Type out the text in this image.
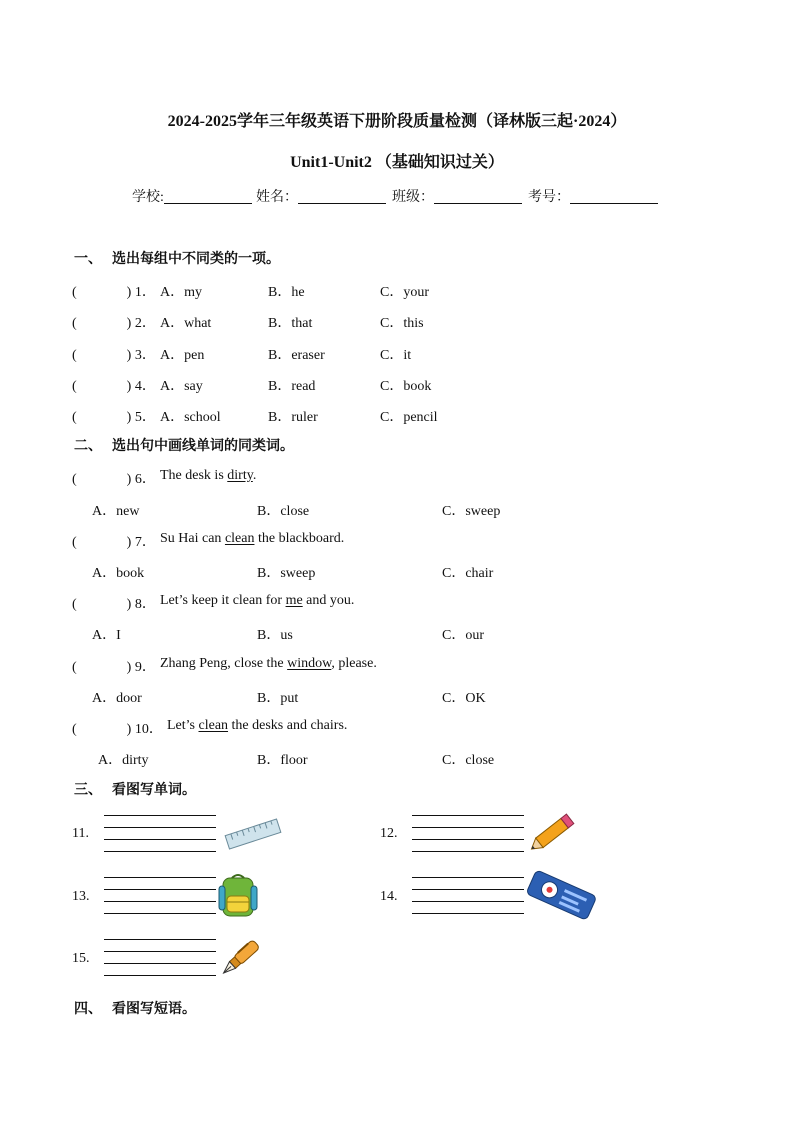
2024-2025学年三年级英语下册阶段质量检测（译林版三起·2024）
Unit1-Unit2 （基础知识过关）
学校:	姓名：	班级：	考号：
一、 选出每组中不同类的一项。
(	) 1． A．my	B．he	C．your
(	) 2． A．what	B．that	C．this
(	) 3． A．pen	B．eraser	C．it
(	) 4． A．say	B．read	C．book
(	) 5． A．school	B．ruler	C．pencil
二、 选出句中画线单词的同类词。
(	) 6． The desk is dirty.
A．new	B．close	C．sweep
(	) 7． Su Hai can clean the blackboard.
A．book	B．sweep	C．chair
(	) 8． Let’s keep it clean for me and you.
A．I	B．us	C．our
(	) 9． Zhang Peng, close the window, please.
A．door	B．put	C．OK
(	) 10． Let’s clean the desks and chairs.
A．dirty	B．floor	C．close
三、 看图写单词。
11.	12.
13.	14.
15.
四、 看图写短语。
